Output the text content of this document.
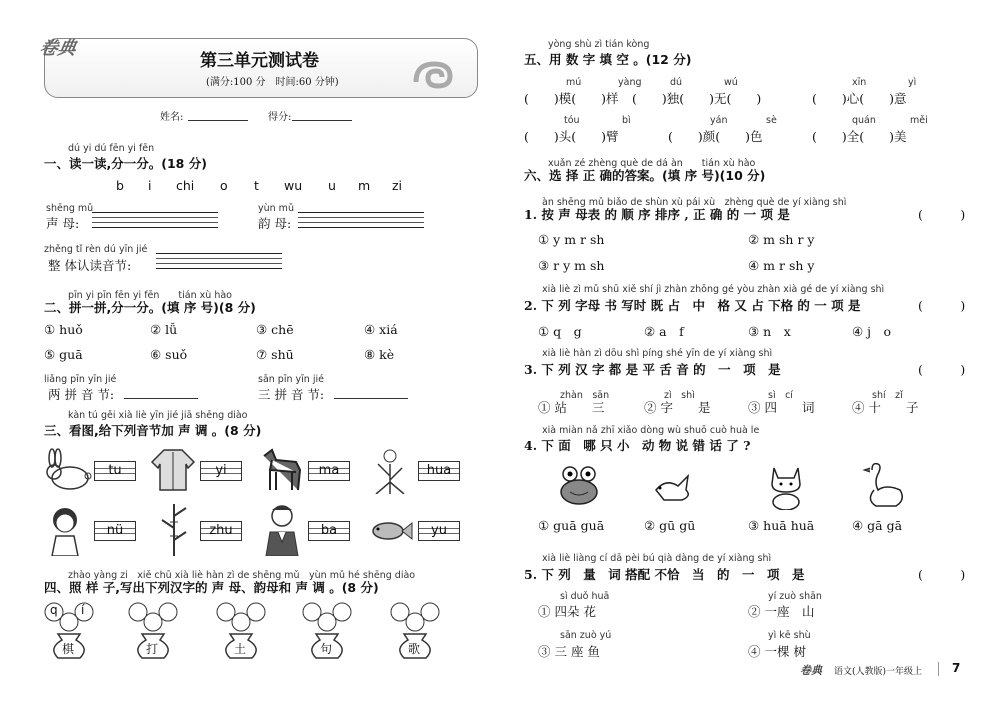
卷典
第三单元测试卷
(满分:100 分　时间:60 分钟)
姓名:	得分:
dú yi dú fēn yi fēn
一、读一读,分一分。(18 分)
b i chi o t wu u m zi
shēng mǔ
声 母:
yùn mǔ
韵 母:
zhěng tǐ rèn dú yīn jié
整 体认读音节:
pīn yi pīn fēn yi fēn　　tián xù hào
二、拼一拼,分一分。(填 序 号)(8 分)
① huǒ	② lǚ	③ chē	④ xiá
⑤ guā	⑥ suǒ	⑦ shū	⑧ kè
liǎng pīn yīn jié
两 拼 音 节:
sān pīn yīn jié
三 拼 音 节:
kàn tú gěi xià liè yīn jié jiā shēng diào
三、看图,给下列音节加 声 调 。(8 分)
tu	yi	ma	hua
nü	zhu	ba	yu
zhào yàng zi　xiě chū xià liè hàn zì de shēng mǔ　yùn mǔ hé shēng diào
四、照 样 子,写出下列汉字的 声 母、韵母和 声 调 。(8 分)
q í
棋	打	土	句	歌
yòng shù zì tián kòng
五、用 数 字 填 空 。(12 分)
mú	yàng	dú	wú	xīn	yì
(　　)模(　　)样 (　　)独(　　)无(　　)	(　　)心(　　)意
tóu	bì	yán	sè	quán	měi
(　　)头(　　)臂	(　　)颜(　　)色	(　　)全(　　)美
xuǎn zé zhèng què de dá àn　　tián xù hào
六、选 择 正 确的答案。(填 序 号)(10 分)
àn shēng mǔ biǎo de shùn xù pái xù　zhèng què de yí xiàng shì
1. 按 声 母表 的 顺 序 排序 , 正 确 的 一 项 是	(　　　)
① y m r sh	② m sh r y
③ r y m sh	④ m r sh y
xià liè zì mǔ shū xiě shí jì zhàn zhōng gé yòu zhàn xià gé de yí xiàng shì
2. 下 列 字母 书 写时 既 占　中　格 又 占 下格 的 一 项 是	(　　　)
① q　g	② a　f	③ n　x	④ j　o
xià liè hàn zì dōu shì píng shé yīn de yí xiàng shì
3. 下 列 汉 字 都 是 平 舌 音 的　一　项　是	(　　　)
zhàn　sān	zì　shì	sì　cí	shí　zǐ
① 站　　三	② 字　　是	③ 四　　词	④ 十　　子
xià miàn nǎ zhī xiǎo dòng wù shuō cuò huà le
4. 下 面　哪 只 小　动 物 说 错 话 了 ?
① guā guā	② gū gū	③ huā huā	④ gā gā
xià liè liàng cí dā pèi bú qià dàng de yí xiàng shì
5. 下 列　量　词 搭配 不恰　当　的　一　项　是	(　　　)
sì duǒ huā	yí zuò shān
① 四朵 花	② 一座　山
sān zuò yú	yì kē shù
③ 三 座 鱼	④ 一棵 树
卷典 语文(人教版)一年级上 7
